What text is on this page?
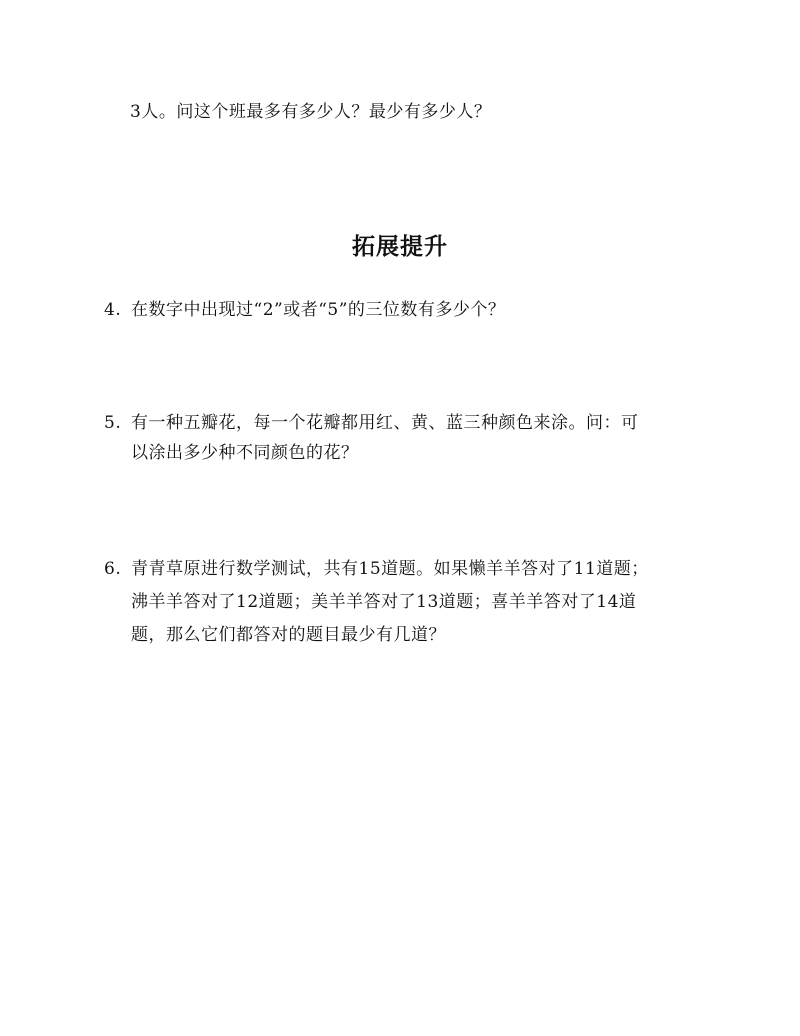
3人。问这个班最多有多少人？最少有多少人？
拓展提升
4. 在数字中出现过“2”或者“5”的三位数有多少个？
5. 有一种五瓣花，每一个花瓣都用红、黄、蓝三种颜色来涂。问：可
以涂出多少种不同颜色的花？
6. 青青草原进行数学测试，共有15道题。如果懒羊羊答对了11道题；
沸羊羊答对了12道题；美羊羊答对了13道题；喜羊羊答对了14道
题，那么它们都答对的题目最少有几道？
